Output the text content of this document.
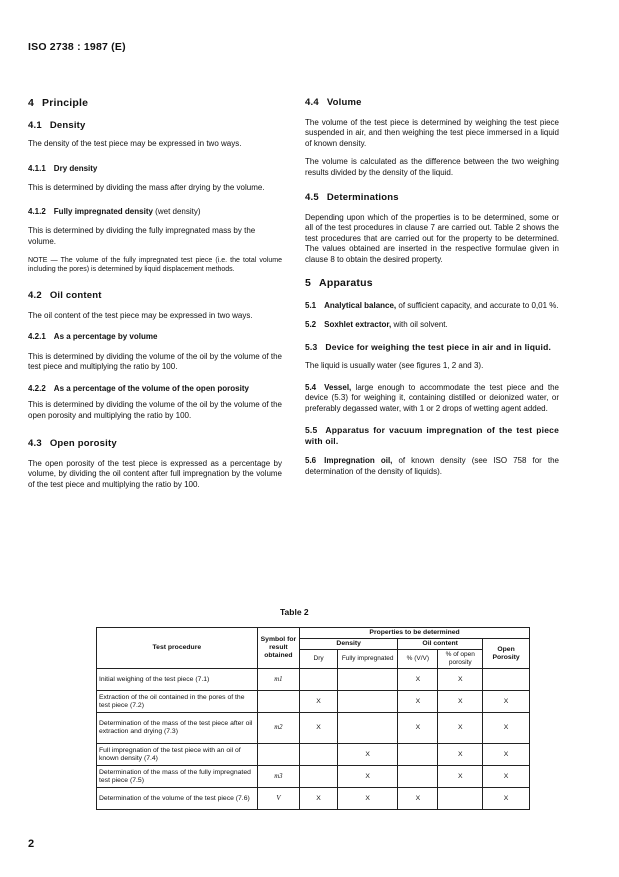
ISO 2738 : 1987 (E)
4 Principle
4.1 Density

The density of the test piece may be expressed in two ways.

4.1.1 Dry density

This is determined by dividing the mass after drying by the volume.

4.1.2 Fully impregnated density (wet density)

This is determined by dividing the fully impregnated mass by the volume.

NOTE — The volume of the fully impregnated test piece (i.e. the total volume including the pores) is determined by liquid displacement methods.

4.2 Oil content

The oil content of the test piece may be expressed in two ways.

4.2.1 As a percentage by volume

This is determined by dividing the volume of the oil by the volume of the test piece and multiplying the ratio by 100.

4.2.2 As a percentage of the volume of the open porosity

This is determined by dividing the volume of the oil by the volume of the open porosity and multiplying the ratio by 100.

4.3 Open porosity

The open porosity of the test piece is expressed as a percentage by volume, by dividing the oil content after full impregnation by the volume of the test piece and multiplying the ratio by 100.

4.4 Volume

The volume of the test piece is determined by weighing the test piece suspended in air, and then weighing the test piece immersed in a liquid of known density.

The volume is calculated as the difference between the two weighing results divided by the density of the liquid.

4.5 Determinations

Depending upon which of the properties is to be determined, some or all of the test procedures in clause 7 are carried out. Table 2 shows the test procedures that are carried out for the property to be determined. The values obtained are inserted in the respective formulae given in clause 8 to obtain the desired property.

5 Apparatus

5.1 Analytical balance, of sufficient capacity, and accurate to 0,01 %.

5.2 Soxhlet extractor, with oil solvent.

5.3 Device for weighing the test piece in air and in liquid.

The liquid is usually water (see figures 1, 2 and 3).

5.4 Vessel, large enough to accommodate the test piece and the device (5.3) for weighing it, containing distilled or deionized water, or preferably degassed water, with 1 or 2 drops of wetting agent added.

5.5 Apparatus for vacuum impregnation of the test piece with oil.

5.6 Impregnation oil, of known density (see ISO 758 for the determination of the density of liquids).

Table 2
Test procedure	Symbol for result obtained	Properties to be determined				
		Density		Oil content		Open
Porosity
		Dry	Fully impregnated	% (V/V)	% of open porosity	
Initial weighing of the test piece (7.1)	m1			X	X	
Extraction of the oil contained in the pores of the test piece (7.2)		X		X	X	X
Determination of the mass of the test piece after oil extraction and drying (7.3)	m2	X		X	X	X
Full impregnation of the test piece with an oil of known density (7.4)			X		X	X
Determination of the mass of the fully impregnated test piece (7.5)	m3		X		X	X
Determination of the volume of the test piece (7.6)	V	X	X	X		X
2
